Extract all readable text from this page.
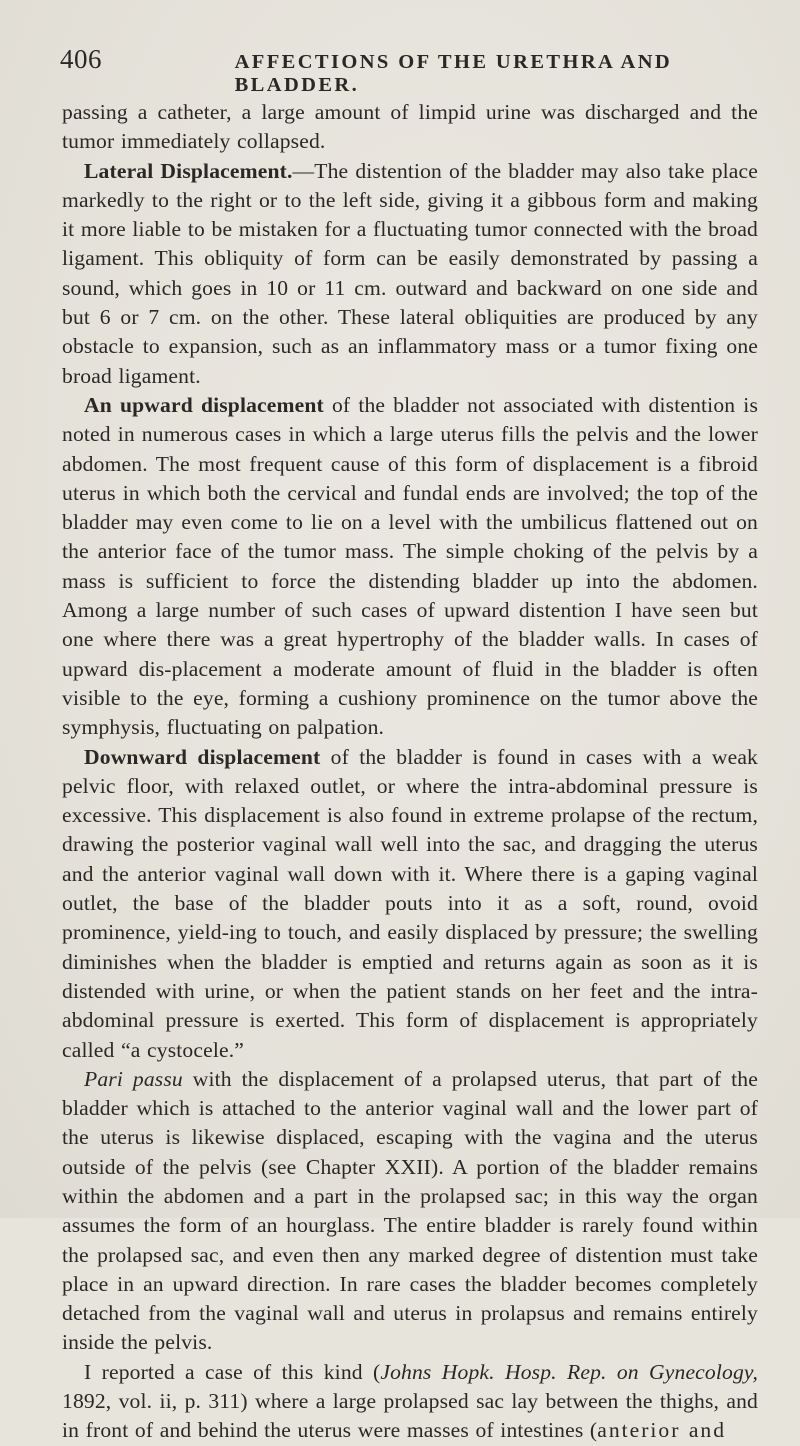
406	AFFECTIONS OF THE URETHRA AND BLADDER.

passing a catheter, a large amount of limpid urine was discharged and the tumor immediately collapsed.

Lateral Displacement.—The distention of the bladder may also take place markedly to the right or to the left side, giving it a gibbous form and making it more liable to be mistaken for a fluctuating tumor connected with the broad ligament. This obliquity of form can be easily demonstrated by passing a sound, which goes in 10 or 11 cm. outward and backward on one side and but 6 or 7 cm. on the other. These lateral obliquities are produced by any obstacle to expansion, such as an inflammatory mass or a tumor fixing one broad ligament.

An upward displacement of the bladder not associated with distention is noted in numerous cases in which a large uterus fills the pelvis and the lower abdomen. The most frequent cause of this form of displacement is a fibroid uterus in which both the cervical and fundal ends are involved; the top of the bladder may even come to lie on a level with the umbilicus flattened out on the anterior face of the tumor mass. The simple choking of the pelvis by a mass is sufficient to force the distending bladder up into the abdomen. Among a large number of such cases of upward distention I have seen but one where there was a great hypertrophy of the bladder walls. In cases of upward dis-placement a moderate amount of fluid in the bladder is often visible to the eye, forming a cushiony prominence on the tumor above the symphysis, fluctuating on palpation.

Downward displacement of the bladder is found in cases with a weak pelvic floor, with relaxed outlet, or where the intra-abdominal pressure is excessive. This displacement is also found in extreme prolapse of the rectum, drawing the posterior vaginal wall well into the sac, and dragging the uterus and the anterior vaginal wall down with it. Where there is a gaping vaginal outlet, the base of the bladder pouts into it as a soft, round, ovoid prominence, yield-ing to touch, and easily displaced by pressure; the swelling diminishes when the bladder is emptied and returns again as soon as it is distended with urine, or when the patient stands on her feet and the intra-abdominal pressure is exerted. This form of displacement is appropriately called “a cystocele.”

Pari passu with the displacement of a prolapsed uterus, that part of the bladder which is attached to the anterior vaginal wall and the lower part of the uterus is likewise displaced, escaping with the vagina and the uterus outside of the pelvis (see Chapter XXII). A portion of the bladder remains within the abdomen and a part in the prolapsed sac; in this way the organ assumes the form of an hourglass. The entire bladder is rarely found within the prolapsed sac, and even then any marked degree of distention must take place in an upward direction. In rare cases the bladder becomes completely detached from the vaginal wall and uterus in prolapsus and remains entirely inside the pelvis.

I reported a case of this kind (Johns Hopk. Hosp. Rep. on Gynecology, 1892, vol. ii, p. 311) where a large prolapsed sac lay between the thighs, and in front of and behind the uterus were masses of intestines (anterior and
